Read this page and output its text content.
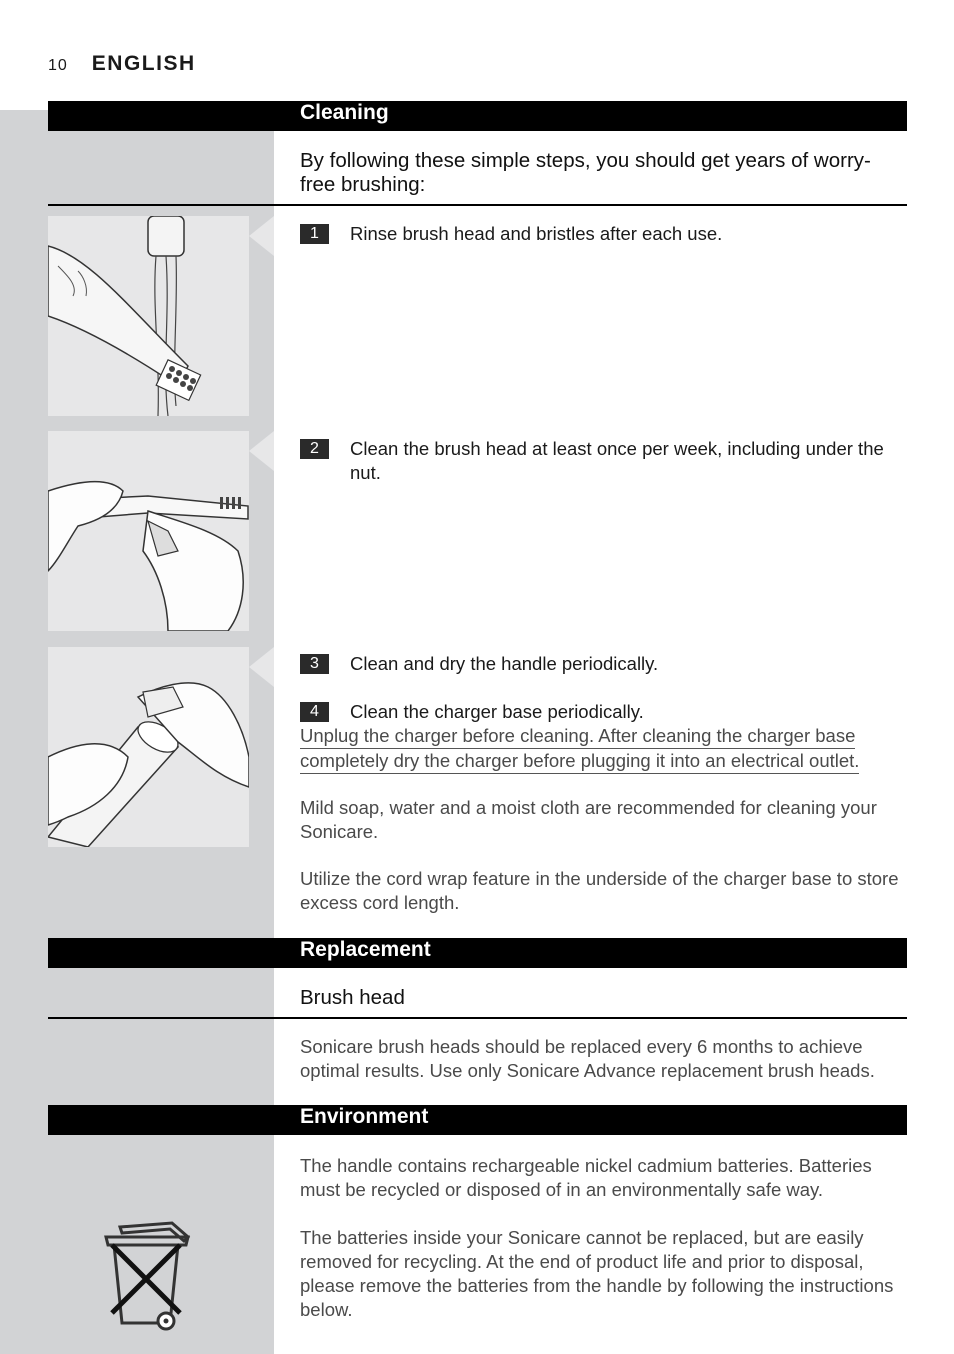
10 ENGLISH
Cleaning
By following these simple steps, you should get years of worry-free brushing:
1	Rinse brush head and bristles after each use.
2	Clean the brush head at least once per week, including under the nut.
3	Clean and dry the handle periodically.
4	Clean the charger base periodically.
Unplug the charger before cleaning. After cleaning the charger base
completely dry the charger before plugging it into an electrical outlet.
Mild soap, water and a moist cloth are recommended for cleaning your Sonicare.
Utilize the cord wrap feature in the underside of the charger base to store excess cord length.
Replacement
Brush head
Sonicare brush heads should be replaced every 6 months to achieve optimal results. Use only Sonicare Advance replacement brush heads.
Environment
The handle contains rechargeable nickel cadmium batteries. Batteries must be recycled or disposed of in an environmentally safe way.
The batteries inside your Sonicare cannot be replaced, but are easily removed for recycling. At the end of product life and prior to disposal, please remove the batteries from the handle by following the instructions below.
